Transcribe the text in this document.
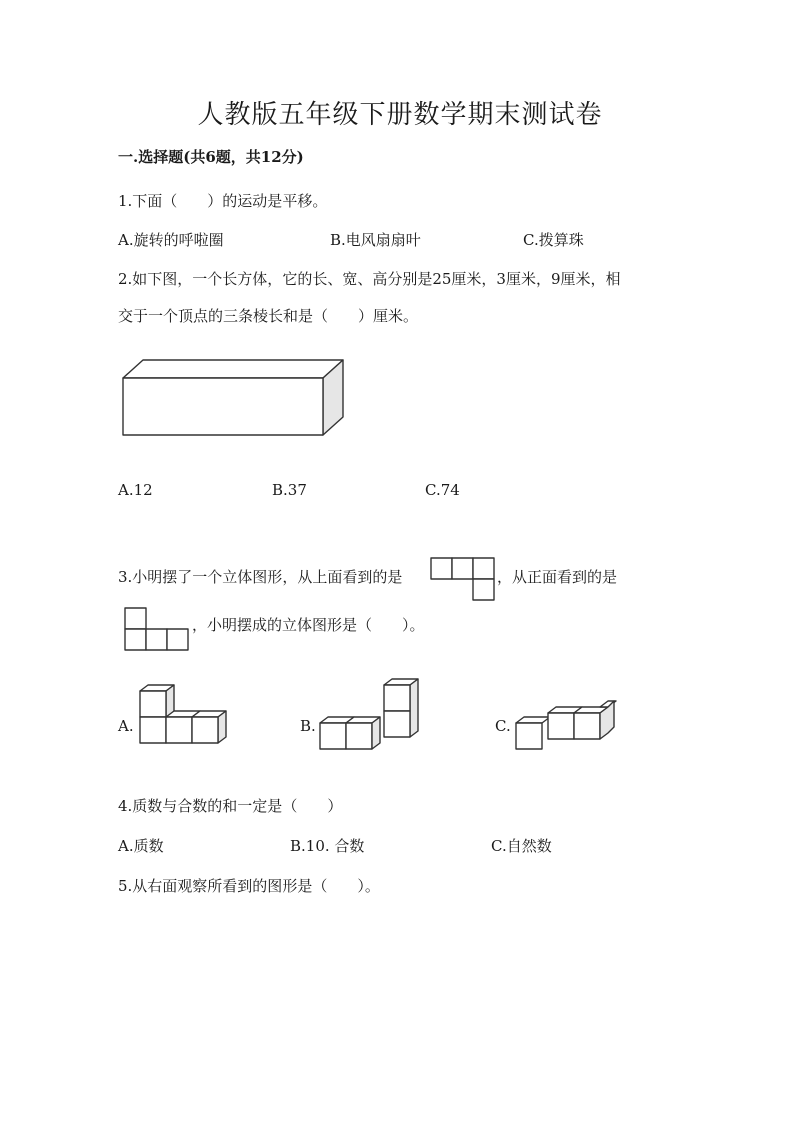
人教版五年级下册数学期末测试卷
一.选择题(共6题，共12分)
1.下面（　　）的运动是平移。
A.旋转的呼啦圈	B.电风扇扇叶	C.拨算珠
2.如下图，一个长方体，它的长、宽、高分别是25厘米，3厘米，9厘米，相
交于一个顶点的三条棱长和是（　　）厘米。
A.12	B.37	C.74
3.小明摆了一个立体图形，从上面看到的是	，从正面看到的是
，小明摆成的立体图形是（　　）。
A.	B.	C.
4.质数与合数的和一定是（　　）
A.质数	B.10. 合数	C.自然数
5.从右面观察所看到的图形是（　　）。
